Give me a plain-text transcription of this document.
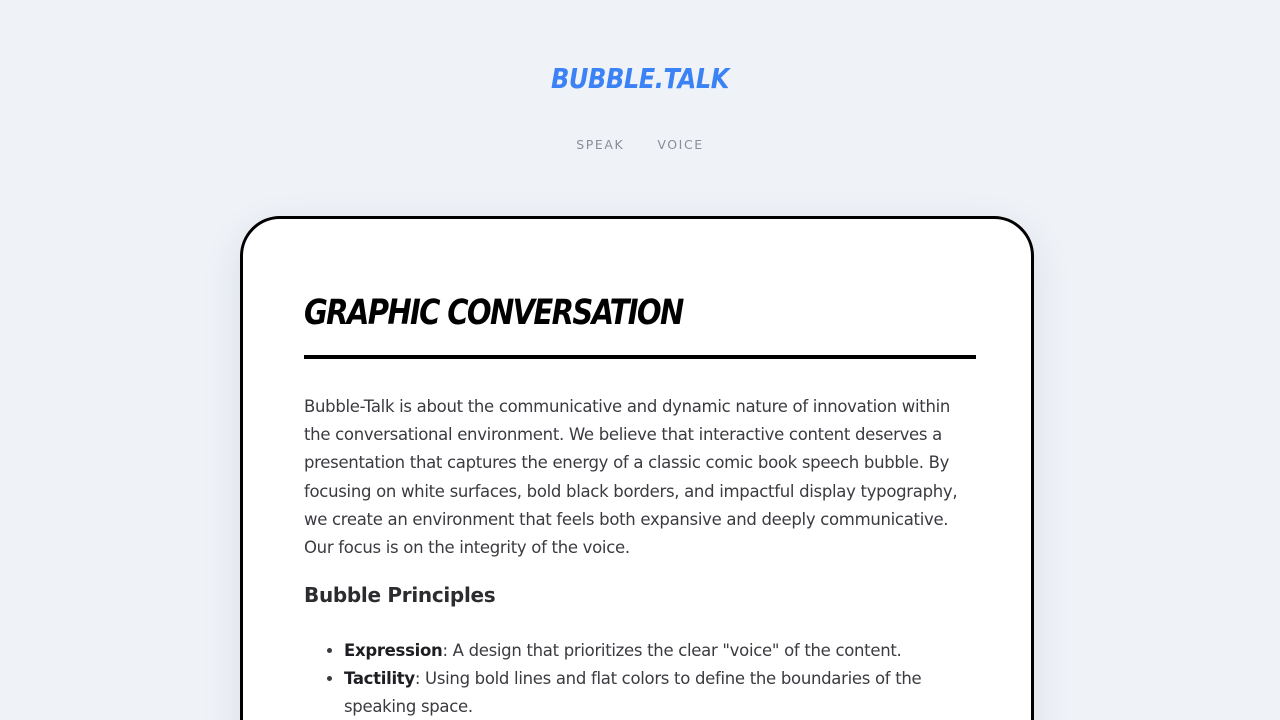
BUBBLE.TALK
SPEAK	VOICE
GRAPHIC CONVERSATION

Bubble-Talk is about the communicative and dynamic nature of innovation within the conversational environment. We believe that interactive content deserves a presentation that captures the energy of a classic comic book speech bubble. By focusing on white surfaces, bold black borders, and impactful display typography, we create an environment that feels both expansive and deeply communicative. Our focus is on the integrity of the voice.

Bubble Principles
• Expression: A design that prioritizes the clear "voice" of the content.
• Tactility: Using bold lines and flat colors to define the boundaries of the speaking space.
